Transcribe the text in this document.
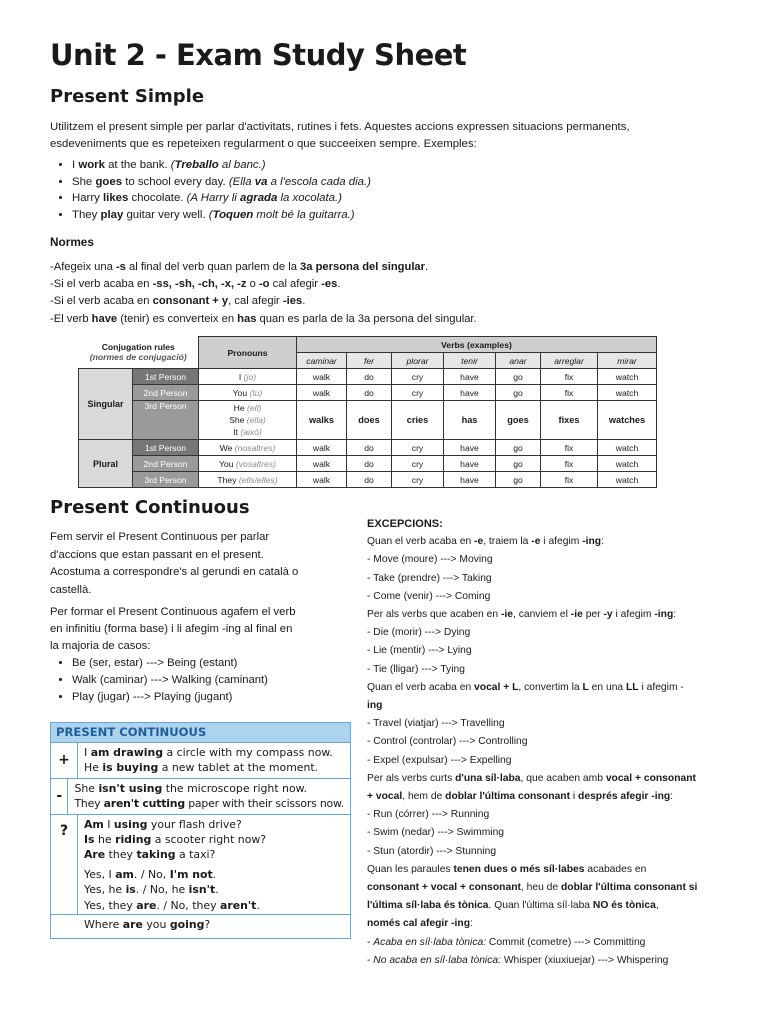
Unit 2 - Exam Study Sheet
Present Simple

Utilitzem el present simple per parlar d'activitats, rutines i fets. Aquestes accions expressen situacions permanents,

esdeveniments que es repeteixen regularment o que succeeixen sempre. Exemples:

• I work at the bank. (Treballo al banc.)
• She goes to school every day. (Ella va a l'escola cada dia.)
• Harry likes chocolate. (A Harry li agrada la xocolata.)
• They play guitar very well. (Toquen molt bé la guitarra.)
Normes
-Afegeix una -s al final del verb quan parlem de la 3a persona del singular.
-Si el verb acaba en -ss, -sh, -ch, -x, -z o -o cal afegir -es.
-Si el verb acaba en consonant + y, cal afegir -ies.
-El verb have (tenir) es converteix en has quan es parla de la 3a persona del singular.
Conjugation rules
(normes de conjugació)		Pronouns	Verbs (examples)						
			caminar	fer	plorar	tenir	anar	arreglar	mirar
Singular	1st Person	I (jo)	walk	do	cry	have	go	fix	watch
	2nd Person	You (tu)	walk	do	cry	have	go	fix	watch
	3rd Person	He (ell)
She (ella)
It (això)	walks	does	cries	has	goes	fixes	watches
Plural	1st Person	We (nosaltres)	walk	do	cry	have	go	fix	watch
	2nd Person	You (vosaltres)	walk	do	cry	have	go	fix	watch
	3rd Person	They (ells/elles)	walk	do	cry	have	go	fix	watch
Present Continuous
Fem servir el Present Continuous per parlar
d'accions que estan passant en el present.
Acostuma a correspondre's al gerundi en català o
castellà.
Per formar el Present Continuous agafem el verb
en infinitiu (forma base) i li afegim -ing al final en
la majoria de casos:
• Be (ser, estar) ---> Being (estant)
• Walk (caminar) ---> Walking (caminant)
• Play (jugar) ---> Playing (jugant)
PRESENT CONTINUOUS
+	I am drawing a circle with my compass now.
He is buying a new tablet at the moment.
-	She isn't using the microscope right now.
They aren't cutting paper with their scissors now.
?	Am I using your flash drive?
Is he riding a scooter right now?
Are they taking a taxi?
Yes, I am. / No, I'm not.
Yes, he is. / No, he isn't.
Yes, they are. / No, they aren't.
Where are you going?
EXCEPCIONS:
Quan el verb acaba en -e, traiem la -e i afegim -ing:
- Move (moure) ---> Moving
- Take (prendre) ---> Taking
- Come (venir) ---> Coming
Per als verbs que acaben en -ie, canviem el -ie per -y i afegim -ing:
- Die (morir) ---> Dying
- Lie (mentir) ---> Lying
- Tie (lligar) ---> Tying
Quan el verb acaba en vocal + L, convertim la L en una LL i afegim -
ing
- Travel (viatjar) ---> Travelling
- Control (controlar) ---> Controlling
- Expel (expulsar) ---> Expelling
Per als verbs curts d'una síl·laba, que acaben amb vocal + consonant
+ vocal, hem de doblar l'última consonant i després afegir -ing:
- Run (córrer) ---> Running
- Swim (nedar) ---> Swimming
- Stun (atordir) ---> Stunning
Quan les paraules tenen dues o més síl·labes acabades en
consonant + vocal + consonant, heu de doblar l'última consonant si
l'última síl·laba és tònica. Quan l'última síl·laba NO és tònica,
només cal afegir -ing:
- Acaba en síl·laba tònica: Commit (cometre) ---> Committing
- No acaba en síl·laba tònica: Whisper (xiuxiuejar) ---> Whispering
